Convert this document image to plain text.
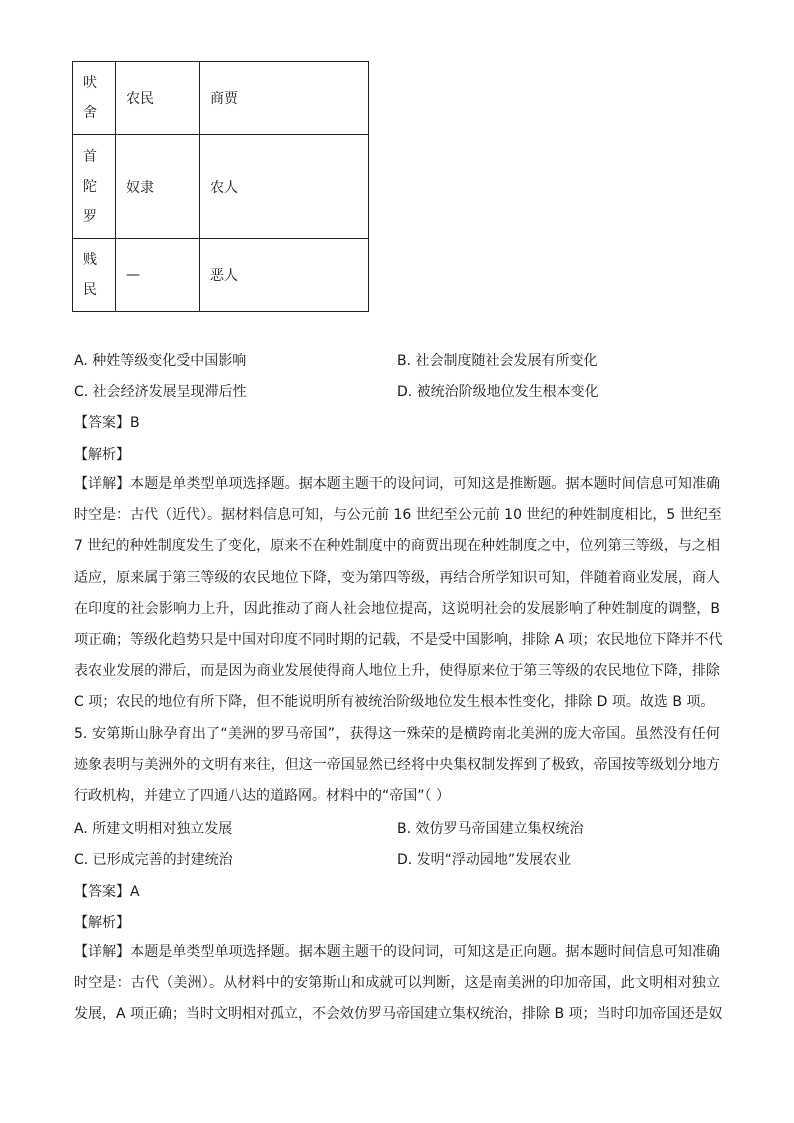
吠
舍	农民	商贾

首
陀
罗	奴隶	农人

贱
民	—	恶人
A. 种姓等级变化受中国影响	B. 社会制度随社会发展有所变化
C. 社会经济发展呈现滞后性	D. 被统治阶级地位发生根本变化
【答案】B
【解析】
【详解】本题是单类型单项选择题。据本题主题干的设问词，可知这是推断题。据本题时间信息可知准确
时空是：古代（近代）。据材料信息可知，与公元前 16 世纪至公元前 10 世纪的种姓制度相比，5 世纪至
7 世纪的种姓制度发生了变化，原来不在种姓制度中的商贾出现在种姓制度之中，位列第三等级，与之相
适应，原来属于第三等级的农民地位下降，变为第四等级，再结合所学知识可知，伴随着商业发展，商人
在印度的社会影响力上升，因此推动了商人社会地位提高，这说明社会的发展影响了种姓制度的调整，B
项正确；等级化趋势只是中国对印度不同时期的记载，不是受中国影响，排除 A 项；农民地位下降并不代
表农业发展的滞后，而是因为商业发展使得商人地位上升，使得原来位于第三等级的农民地位下降，排除
C 项；农民的地位有所下降，但不能说明所有被统治阶级地位发生根本性变化，排除 D 项。故选 B 项。
5. 安第斯山脉孕育出了“美洲的罗马帝国”，获得这一殊荣的是横跨南北美洲的庞大帝国。虽然没有任何
迹象表明与美洲外的文明有来往，但这一帝国显然已经将中央集权制发挥到了极致，帝国按等级划分地方
行政机构，并建立了四通八达的道路网。材料中的“帝国”（ ）
A. 所建文明相对独立发展	B. 效仿罗马帝国建立集权统治
C. 已形成完善的封建统治	D. 发明“浮动园地”发展农业
【答案】A
【解析】
【详解】本题是单类型单项选择题。据本题主题干的设问词，可知这是正向题。据本题时间信息可知准确
时空是：古代（美洲）。从材料中的安第斯山和成就可以判断，这是南美洲的印加帝国，此文明相对独立
发展，A 项正确；当时文明相对孤立，不会效仿罗马帝国建立集权统治，排除 B 项；当时印加帝国还是奴
